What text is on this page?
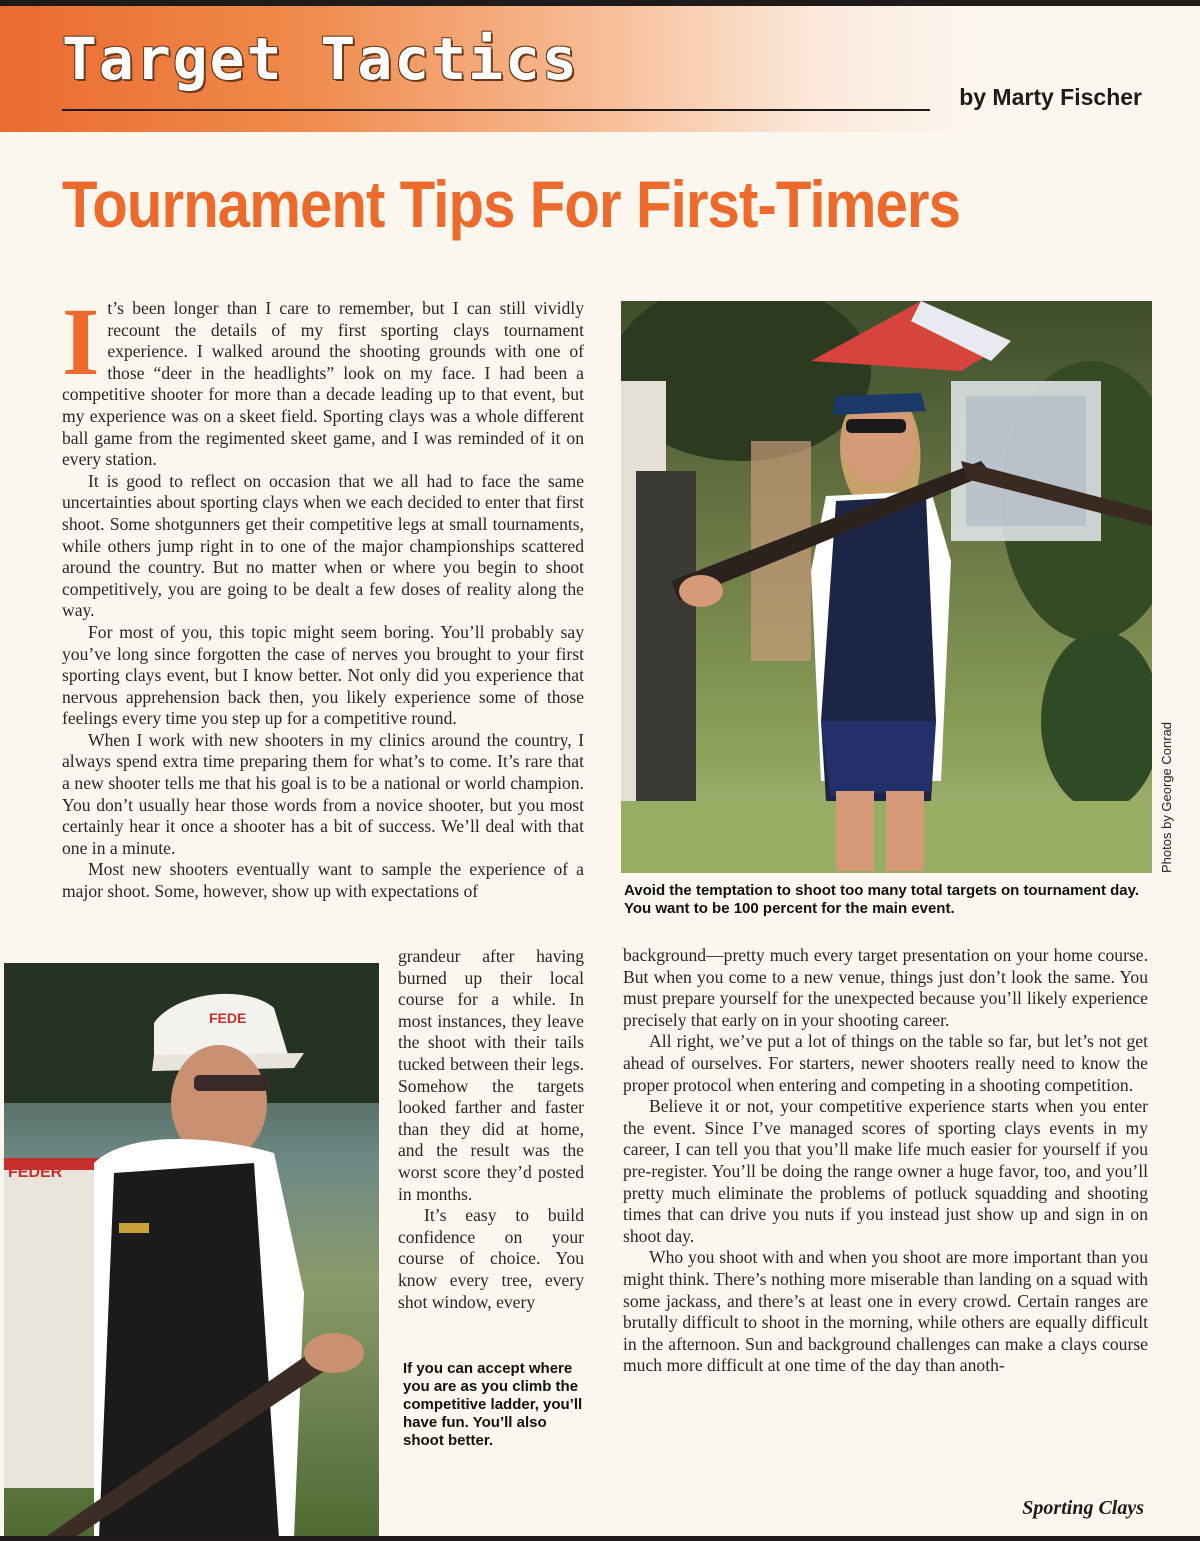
Target Tactics
by Marty Fischer
Tournament Tips For First-Timers

It’s been longer than I care to remember, but I can still vividly recount the details of my first sporting clays tournament experience. I walked around the shooting grounds with one of those “deer in the headlights” look on my face. I had been a competitive shooter for more than a decade leading up to that event, but my experience was on a skeet field. Sporting clays was a whole different ball game from the regimented skeet game, and I was reminded of it on every station.

It is good to reflect on occasion that we all had to face the same uncertainties about sporting clays when we each decided to enter that first shoot. Some shotgunners get their competitive legs at small tournaments, while others jump right in to one of the major championships scattered around the country. But no matter when or where you begin to shoot competitively, you are going to be dealt a few doses of reality along the way.

For most of you, this topic might seem boring. You’ll probably say you’ve long since forgotten the case of nerves you brought to your first sporting clays event, but I know better. Not only did you experience that nervous apprehension back then, you likely experience some of those feelings every time you step up for a competitive round.

When I work with new shooters in my clinics around the country, I always spend extra time preparing them for what’s to come. It’s rare that a new shooter tells me that his goal is to be a national or world champion. You don’t usually hear those words from a novice shooter, but you most certainly hear it once a shooter has a bit of success. We’ll deal with that one in a minute.

Most new shooters eventually want to sample the experience of a major shoot. Some, however, show up with expectations of

grandeur after having burned up their local course for a while. In most instances, they leave the shoot with their tails tucked between their legs. Somehow the targets looked farther and faster than they did at home, and the result was the worst score they’d posted in months.

It’s easy to build confidence on your course of choice. You know every tree, every shot window, every

If you can accept where you are as you climb the competitive ladder, you’ll have fun. You’ll also shoot better.

Avoid the temptation to shoot too many total targets on tournament day. You want to be 100 percent for the main event.

Photos by George Conrad

background—pretty much every target presentation on your home course. But when you come to a new venue, things just don’t look the same. You must prepare yourself for the unexpected because you’ll likely experience precisely that early on in your shooting career.

All right, we’ve put a lot of things on the table so far, but let’s not get ahead of ourselves. For starters, newer shooters really need to know the proper protocol when entering and competing in a shooting competition.

Believe it or not, your competitive experience starts when you enter the event. Since I’ve managed scores of sporting clays events in my career, I can tell you that you’ll make life much easier for yourself if you pre-register. You’ll be doing the range owner a huge favor, too, and you’ll pretty much eliminate the problems of potluck squadding and shooting times that can drive you nuts if you instead just show up and sign in on shoot day.

Who you shoot with and when you shoot are more important than you might think. There’s nothing more miserable than landing on a squad with some jackass, and there’s at least one in every crowd. Certain ranges are brutally difficult to shoot in the morning, while others are equally difficult in the afternoon. Sun and background challenges can make a clays course much more difficult at one time of the day than anoth-

FEDER
FEDE

Sporting Clays
